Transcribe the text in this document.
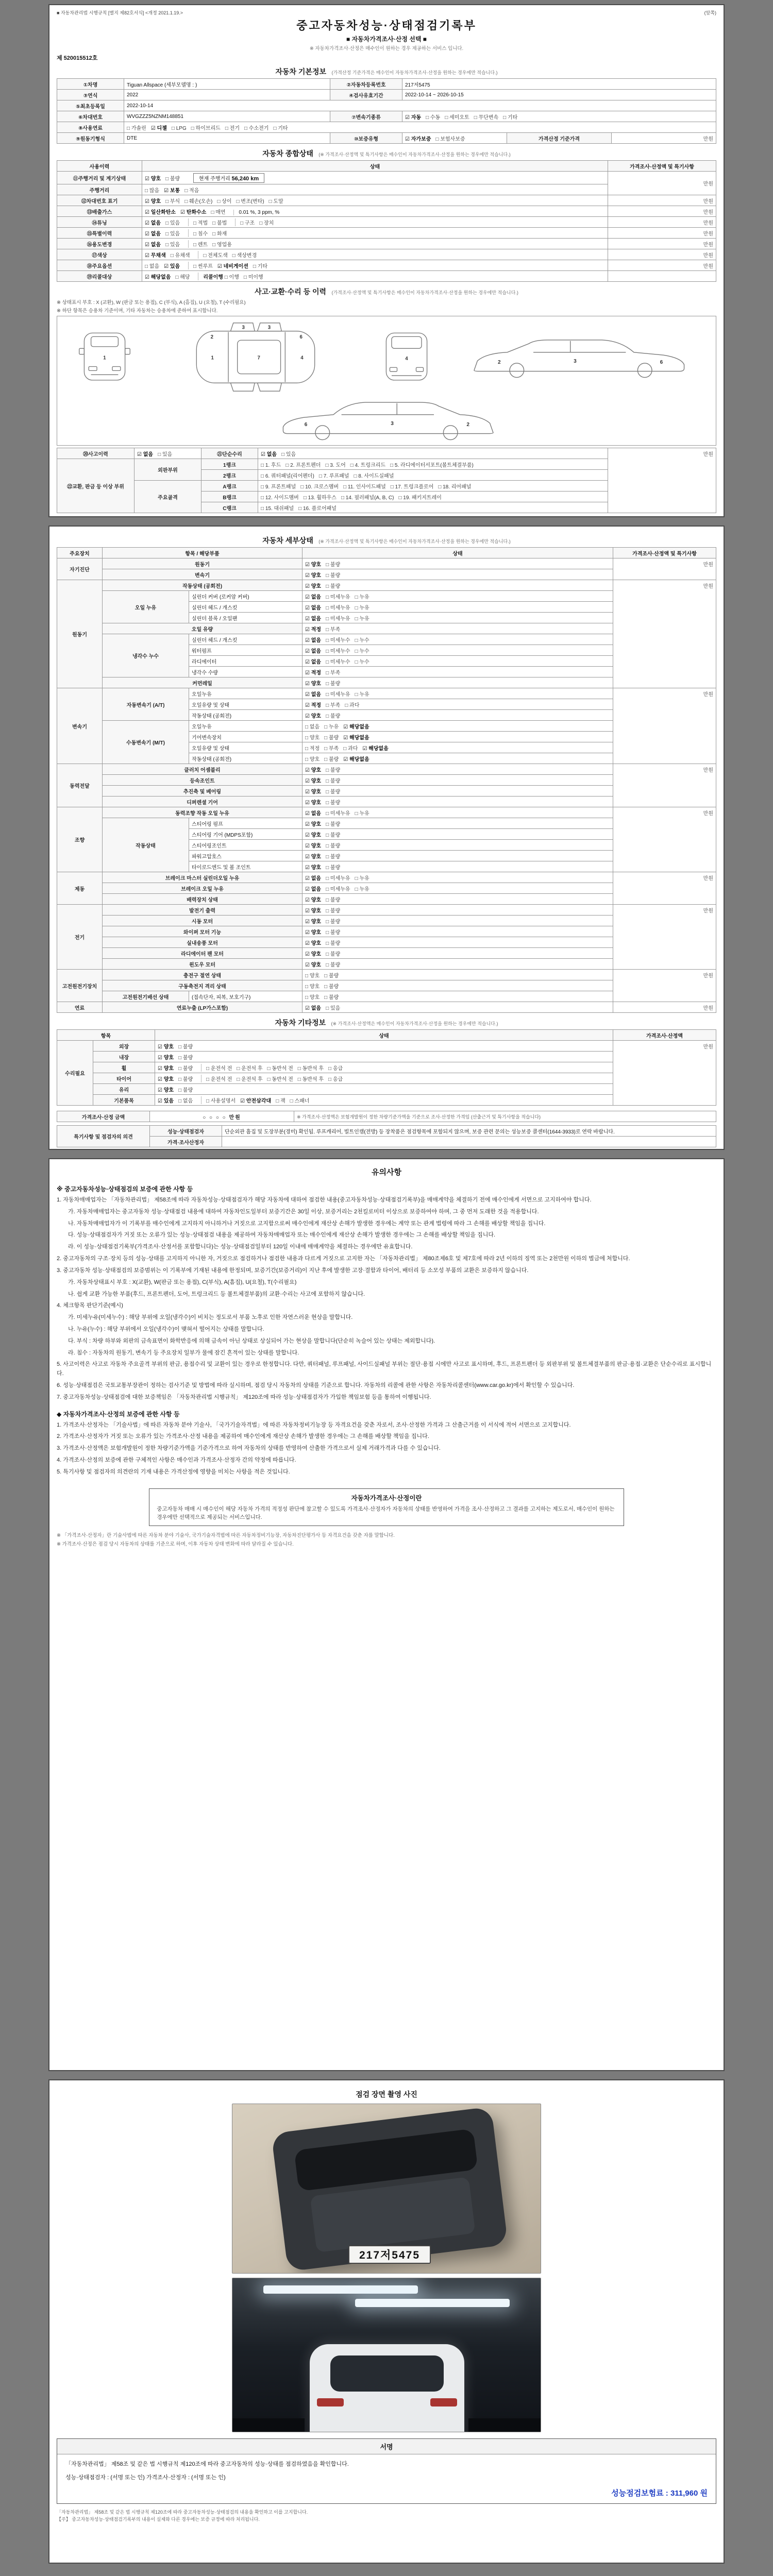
■ 자동차관리법 시행규칙 [별지 제82호서식] <개정 2021.1.19.>	(앞쪽)
중고자동차성능·상태점검기록부
■ 자동차가격조사·산정 선택 ■
※ 자동차가격조사·산정은 매수인이 원하는 경우 제공하는 서비스 입니다.
제 520015512호
자동차 기본정보 (가격산정 기준가격은 매수인이 자동차가격조사·산정을 원하는 경우에만 적습니다.)
①차명	Tiguan Allspace (세부모델명 : )	②자동차등록번호	217저5475		
③연식	2022	④검사유효기간	2022-10-14 ~ 2026-10-15		
⑤최초등록일	2022-10-14				
⑥차대번호	WVGZZZ5NZNM148851	⑦변속기종류	☑ 자동 □ 수동 □ 세미오토 □ 무단변속 □ 기타		
⑧사용연료	□ 가솔린 ☑ 디젤 □ LPG □ 하이브리드 □ 전기 □ 수소전기 □ 기타				
⑨원동기형식	DTE	⑩보증유형	☑ 자가보증 □ 보험사보증	가격산정 기준가격	만원
자동차 종합상태 (※ 가격조사·산정액 및 특기사항은 매수인이 자동차가격조사·산정을 원하는 경우에만 적습니다.)
사용이력	상태	가격조사·산정액 및 특기사항
⑪주행거리 및 계기상태	☑ 양호 □ 불량 현재 주행거리 56,240 km	만원
주행거리	□ 많음 ☑ 보통 □ 적음	
⑫차대번호 표기	☑ 양호 □ 부식 □ 훼손(오손) □ 상이 □ 변조(변타) □ 도말	만원
⑬배출가스	☑ 일산화탄소 ☑ 탄화수소 □ 매연 0.01 %, 3 ppm, %	만원
⑭튜닝	☑ 없음 □ 있음 □ 적법 □ 불법 □ 구조 □ 장치	만원
⑮특별이력	☑ 없음 □ 있음 □ 침수 □ 화재	만원
⑯용도변경	☑ 없음 □ 있음 □ 렌트 □ 영업용	만원
⑰색상	☑ 무채색 □ 유채색 □ 전체도색 □ 색상변경	만원
⑱주요옵션	□ 없음 ☑ 있음 □ 썬루프 ☑ 네비게이션 □ 기타	만원
⑲리콜대상	☑ 해당없음 □ 해당 리콜이행 □ 이행 □ 미이행	
사고·교환·수리 등 이력 (가격조사·산정액 및 특기사항은 매수인이 자동차가격조사·산정을 원하는 경우에만 적습니다.)
※ 상태표시 부호 : X (교환), W (판금 또는 용접), C (부식), A (흠집), U (요철), T (수리필요)
※ 하단 항목은 승용차 기준이며, 기타 자동차는 승용차에 준하여 표시합니다.
1	1	7	4
3	3
2	6
4
2	3	6
6	3	2
⑳사고이력	☑ 없음 □ 있음	㉑단순수리	☑ 없음 □ 있음	만원
㉒교환, 판금 등 이상 부위	외판부위	1랭크	□ 1. 후드 □ 2. 프론트펜더 □ 3. 도어 □ 4. 트렁크리드 □ 5. 라디에이터서포트(볼트체결부품)	
		2랭크	□ 6. 쿼터패널(리어펜더) □ 7. 루프패널 □ 8. 사이드실패널	
	주요골격	A랭크	□ 9. 프론트패널 □ 10. 크로스멤버 □ 11. 인사이드패널 □ 17. 트렁크플로어 □ 18. 리어패널	
		B랭크	□ 12. 사이드멤버 □ 13. 휠하우스 □ 14. 필러패널(A, B, C) □ 19. 패키지트레이	
		C랭크	□ 15. 대쉬패널 □ 16. 플로어패널	
자동차 세부상태 (※ 가격조사·산정액 및 특기사항은 매수인이 자동차가격조사·산정을 원하는 경우에만 적습니다.)
주요장치	항목 / 해당부품		상태	가격조사·산정액 및 특기사항
자기진단	원동기		☑ 양호 □ 불량	만원
	변속기		☑ 양호 □ 불량	
원동기	작동상태 (공회전)		☑ 양호 □ 불량	만원
	오일 누유	실린더 커버 (로커암 커버)	☑ 없음 □ 미세누유 □ 누유	
		실린더 헤드 / 개스킷	☑ 없음 □ 미세누유 □ 누유	
		실린더 블록 / 오일팬	☑ 없음 □ 미세누유 □ 누유	
	오일 유량		☑ 적정 □ 부족	
	냉각수 누수	실린더 헤드 / 개스킷	☑ 없음 □ 미세누수 □ 누수	
		워터펌프	☑ 없음 □ 미세누수 □ 누수	
		라디에이터	☑ 없음 □ 미세누수 □ 누수	
		냉각수 수량	☑ 적정 □ 부족	
	커먼레일		☑ 양호 □ 불량	
변속기	자동변속기 (A/T)	오일누유	☑ 없음 □ 미세누유 □ 누유	만원
		오일유량 및 상태	☑ 적정 □ 부족 □ 과다	
		작동상태 (공회전)	☑ 양호 □ 불량	
	수동변속기 (M/T)	오일누유	□ 없음 □ 누유 ☑ 해당없음	
		기어변속장치	□ 양호 □ 불량 ☑ 해당없음	
		오일유량 및 상태	□ 적정 □ 부족 □ 과다 ☑ 해당없음	
		작동상태 (공회전)	□ 양호 □ 불량 ☑ 해당없음	
동력전달	클러치 어셈블리		☑ 양호 □ 불량	만원
	등속조인트		☑ 양호 □ 불량	
	추진축 및 베어링		☑ 양호 □ 불량	
	디퍼렌셜 기어		☑ 양호 □ 불량	
조향	동력조향 작동 오일 누유		☑ 없음 □ 미세누유 □ 누유	만원
	작동상태	스티어링 펌프	☑ 양호 □ 불량	
		스티어링 기어 (MDPS포함)	☑ 양호 □ 불량	
		스티어링조인트	☑ 양호 □ 불량	
		파워고압호스	☑ 양호 □ 불량	
		타이로드엔드 및 볼 조인트	☑ 양호 □ 불량	
제동	브레이크 마스터 실린더오일 누유		☑ 없음 □ 미세누유 □ 누유	만원
	브레이크 오일 누유		☑ 없음 □ 미세누유 □ 누유	
	배력장치 상태		☑ 양호 □ 불량	
전기	발전기 출력		☑ 양호 □ 불량	만원
	시동 모터		☑ 양호 □ 불량	
	와이퍼 모터 기능		☑ 양호 □ 불량	
	실내송풍 모터		☑ 양호 □ 불량	
	라디에이터 팬 모터		☑ 양호 □ 불량	
	윈도우 모터		☑ 양호 □ 불량	
고전원전기장치	충전구 절연 상태		□ 양호 □ 불량	만원
	구동축전지 격리 상태		□ 양호 □ 불량	
	고전원전기배선 상태	(접속단자, 피복, 보호기구)	□ 양호 □ 불량	
연료	연료누출 (LP가스포함)		☑ 없음 □ 있음	만원
자동차 기타정보 (※ 가격조사·산정액은 매수인이 자동차가격조사·산정을 원하는 경우에만 적습니다.)
항목		상태	가격조사·산정액
수리필요	외장	☑ 양호 □ 불량	만원
	내장	☑ 양호 □ 불량	
	휠	☑ 양호 □ 불량 □ 운전석 전 □ 운전석 후 □ 동반석 전 □ 동반석 후 □ 응급	
	타이어	☑ 양호 □ 불량 □ 운전석 전 □ 운전석 후 □ 동반석 전 □ 동반석 후 □ 응급	
	유리	☑ 양호 □ 불량	
	기본품목	☑ 있음 □ 없음 □ 사용설명서 ☑ 안전삼각대 □ 잭 □ 스패너	
가격조사·산정 금액	○ ○ ○ ○ 만원	※ 가격조사·산정액은 보험개발원이 정한 차량기준가액을 기준으로 조사·산정한 가격임 (산출근거 및 특기사항을 적습니다)
특기사항 및 점검자의 의견	성능·상태점검자	단순외관 흠집 및 도장부분(경미) 확인됨. 루프캐리어, 빌트인캠(전방) 등 장착품은 점검항목에 포함되지 않으며, 보증 관련 문의는 성능보증 콜센터(1644-3933)로 연락 바랍니다.
	가격·조사산정자	
유의사항
※ 중고자동차성능·상태점검의 보증에 관한 사항 등
1. 자동차매매업자는 「자동차관리법」 제58조에 따라 자동차성능·상태점검자가 해당 자동차에 대하여 점검한 내용(중고자동차성능·상태점검기록부)을 매매계약을 체결하기 전에 매수인에게 서면으로 고지하여야 합니다.
가. 자동차매매업자는 중고자동차 성능·상태점검 내용에 대하여 자동차인도일부터 보증기간은 30일 이상, 보증거리는 2천킬로미터 이상으로 보증하여야 하며, 그 중 먼저 도래한 것을 적용합니다.
나. 자동차매매업자가 이 기록부를 매수인에게 고지하지 아니하거나 거짓으로 고지함으로써 매수인에게 재산상 손해가 발생한 경우에는 계약 또는 관계 법령에 따라 그 손해를 배상할 책임을 집니다.
다. 성능·상태점검자가 거짓 또는 오류가 있는 성능·상태점검 내용을 제공하여 자동차매매업자 또는 매수인에게 재산상 손해가 발생한 경우에는 그 손해를 배상할 책임을 집니다.
라. 이 성능·상태점검기록부(가격조사·산정서를 포함합니다)는 성능·상태점검일부터 120일 이내에 매매계약을 체결하는 경우에만 유효합니다.
2. 중고자동차의 구조·장치 등의 성능·상태를 고지하지 아니한 자, 거짓으로 점검하거나 점검한 내용과 다르게 거짓으로 고지한 자는 「자동차관리법」 제80조제6호 및 제7호에 따라 2년 이하의 징역 또는 2천만원 이하의 벌금에 처합니다.
3. 중고자동차 성능·상태점검의 보증범위는 이 기록부에 기재된 내용에 한정되며, 보증기간(보증거리)이 지난 후에 발생한 고장·결함과 타이어, 배터리 등 소모성 부품의 교환은 보증하지 않습니다.
가. 자동차상태표시 부호 : X(교환), W(판금 또는 용접), C(부식), A(흠집), U(요철), T(수리필요)
나. 쉽게 교환 가능한 부품(후드, 프론트펜더, 도어, 트렁크리드 등 볼트체결부품)의 교환·수리는 사고에 포함하지 않습니다.
4. 체크항목 판단기준(예시)
가. 미세누유(미세누수) : 해당 부위에 오일(냉각수)이 비치는 정도로서 부품 노후로 인한 자연스러운 현상을 말합니다.
나. 누유(누수) : 해당 부위에서 오일(냉각수)이 맺혀서 떨어지는 상태를 말합니다.
다. 부식 : 차량 하부와 외판의 금속표면이 화학반응에 의해 금속이 아닌 상태로 상실되어 가는 현상을 말합니다(단순히 녹슬어 있는 상태는 제외합니다).
라. 침수 : 자동차의 원동기, 변속기 등 주요장치 일부가 물에 잠긴 흔적이 있는 상태를 말합니다.
5. 사고이력은 사고로 자동차 주요골격 부위의 판금, 용접수리 및 교환이 있는 경우로 한정합니다. 다만, 쿼터패널, 루프패널, 사이드실패널 부위는 절단·용접 시에만 사고로 표시하며, 후드, 프론트펜더 등 외판부위 및 볼트체결부품의 판금·용접·교환은 단순수리로 표시합니다.
6. 성능·상태점검은 국토교통부장관이 정하는 검사기준 및 방법에 따라 실시하며, 점검 당시 자동차의 상태를 기준으로 합니다. 자동차의 리콜에 관한 사항은 자동차리콜센터(www.car.go.kr)에서 확인할 수 있습니다.
7. 중고자동차성능·상태점검에 대한 보증책임은 「자동차관리법 시행규칙」 제120조에 따라 성능·상태점검자가 가입한 책임보험 등을 통하여 이행됩니다.
◆ 자동차가격조사·산정의 보증에 관한 사항 등
1. 가격조사·산정자는 「기술사법」에 따른 자동차 분야 기술사, 「국가기술자격법」에 따른 자동차정비기능장 등 자격요건을 갖춘 자로서, 조사·산정한 가격과 그 산출근거를 이 서식에 적어 서면으로 고지합니다.
2. 가격조사·산정자가 거짓 또는 오류가 있는 가격조사·산정 내용을 제공하여 매수인에게 재산상 손해가 발생한 경우에는 그 손해를 배상할 책임을 집니다.
3. 가격조사·산정액은 보험개발원이 정한 차량기준가액을 기준가격으로 하여 자동차의 상태를 반영하여 산출한 가격으로서 실제 거래가격과 다를 수 있습니다.
4. 가격조사·산정의 보증에 관한 구체적인 사항은 매수인과 가격조사·산정자 간의 약정에 따릅니다.
5. 특기사항 및 점검자의 의견란의 기재 내용은 가격산정에 영향을 미치는 사항을 적은 것입니다.
자동차가격조사·산정이란

중고자동차 매매 시 매수인이 해당 자동차 가격의 적정성 판단에 참고할 수 있도록 가격조사·산정자가 자동차의 상태를 반영하여 가격을 조사·산정하고 그 결과를 고지하는 제도로서, 매수인이 원하는 경우에만 선택적으로 제공되는 서비스입니다.

※ 「가격조사·산정자」란 기술사법에 따른 자동차 분야 기술사, 국가기술자격법에 따른 자동차정비기능장, 자동차진단평가사 등 자격요건을 갖춘 자를 말합니다.
※ 가격조사·산정은 점검 당시 자동차의 상태를 기준으로 하며, 이후 자동차 상태 변화에 따라 달라질 수 있습니다.
점검 장면 촬영 사진
217저5475
서명
「자동차관리법」 제58조 및 같은 법 시행규칙 제120조에 따라 중고자동차의 성능·상태를 점검하였음을 확인합니다.
성능·상태점검자 : (서명 또는 인) 가격조사·산정자 : (서명 또는 인)
성능점검보험료 : 311,960 원
「자동차관리법」 제58조 및 같은 법 시행규칙 제120조에 따라 중고자동차성능·상태점검의 내용을 확인하고 이를 고지합니다.
【주】 중고자동차성능·상태점검기록부의 내용이 실제와 다른 경우에는 보증 규정에 따라 처리됩니다.
